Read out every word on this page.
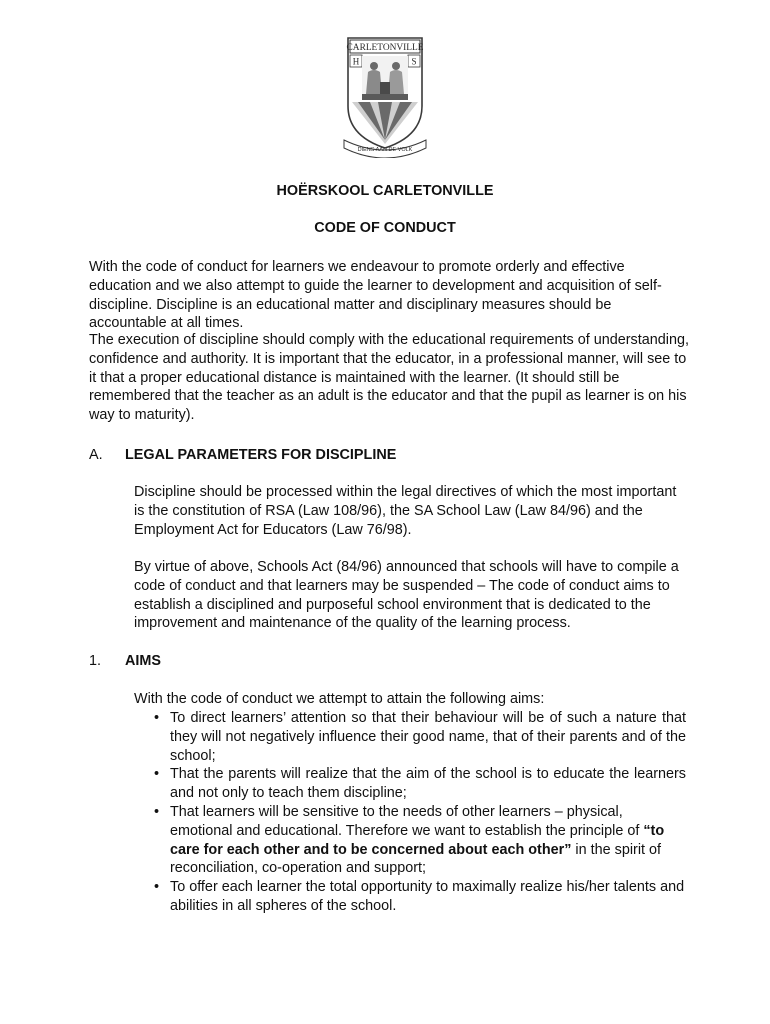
CARLETONVILLE
H	S
DIENS AAN DE VOLK
HOËRSKOOL CARLETONVILLE
CODE OF CONDUCT

With the code of conduct for learners we endeavour to promote orderly and effective education and we also attempt to guide the learner to development and acquisition of self-discipline. Discipline is an educational matter and disciplinary measures should be accountable at all times.

The execution of discipline should comply with the educational requirements of understanding, confidence and authority. It is important that the educator, in a professional manner, will see to it that a proper educational distance is maintained with the learner. (It should still be remembered that the teacher as an adult is the educator and that the pupil as learner is on his way to maturity).

A. LEGAL PARAMETERS FOR DISCIPLINE

Discipline should be processed within the legal directives of which the most important is the constitution of RSA (Law 108/96), the SA School Law (Law 84/96) and the Employment Act for Educators (Law 76/98).

By virtue of above, Schools Act (84/96) announced that schools will have to compile a code of conduct and that learners may be suspended – The code of conduct aims to establish a disciplined and purposeful school environment that is dedicated to the improvement and maintenance of the quality of the learning process.

1. AIMS

With the code of conduct we attempt to attain the following aims:

• To direct learners’ attention so that their behaviour will be of such a nature that they will not negatively influence their good name, that of their parents and of the school;
• That the parents will realize that the aim of the school is to educate the learners and not only to teach them discipline;
• That learners will be sensitive to the needs of other learners – physical, emotional and educational. Therefore we want to establish the principle of “to care for each other and to be concerned about each other” in the spirit of reconciliation, co-operation and support;
• To offer each learner the total opportunity to maximally realize his/her talents and abilities in all spheres of the school.
